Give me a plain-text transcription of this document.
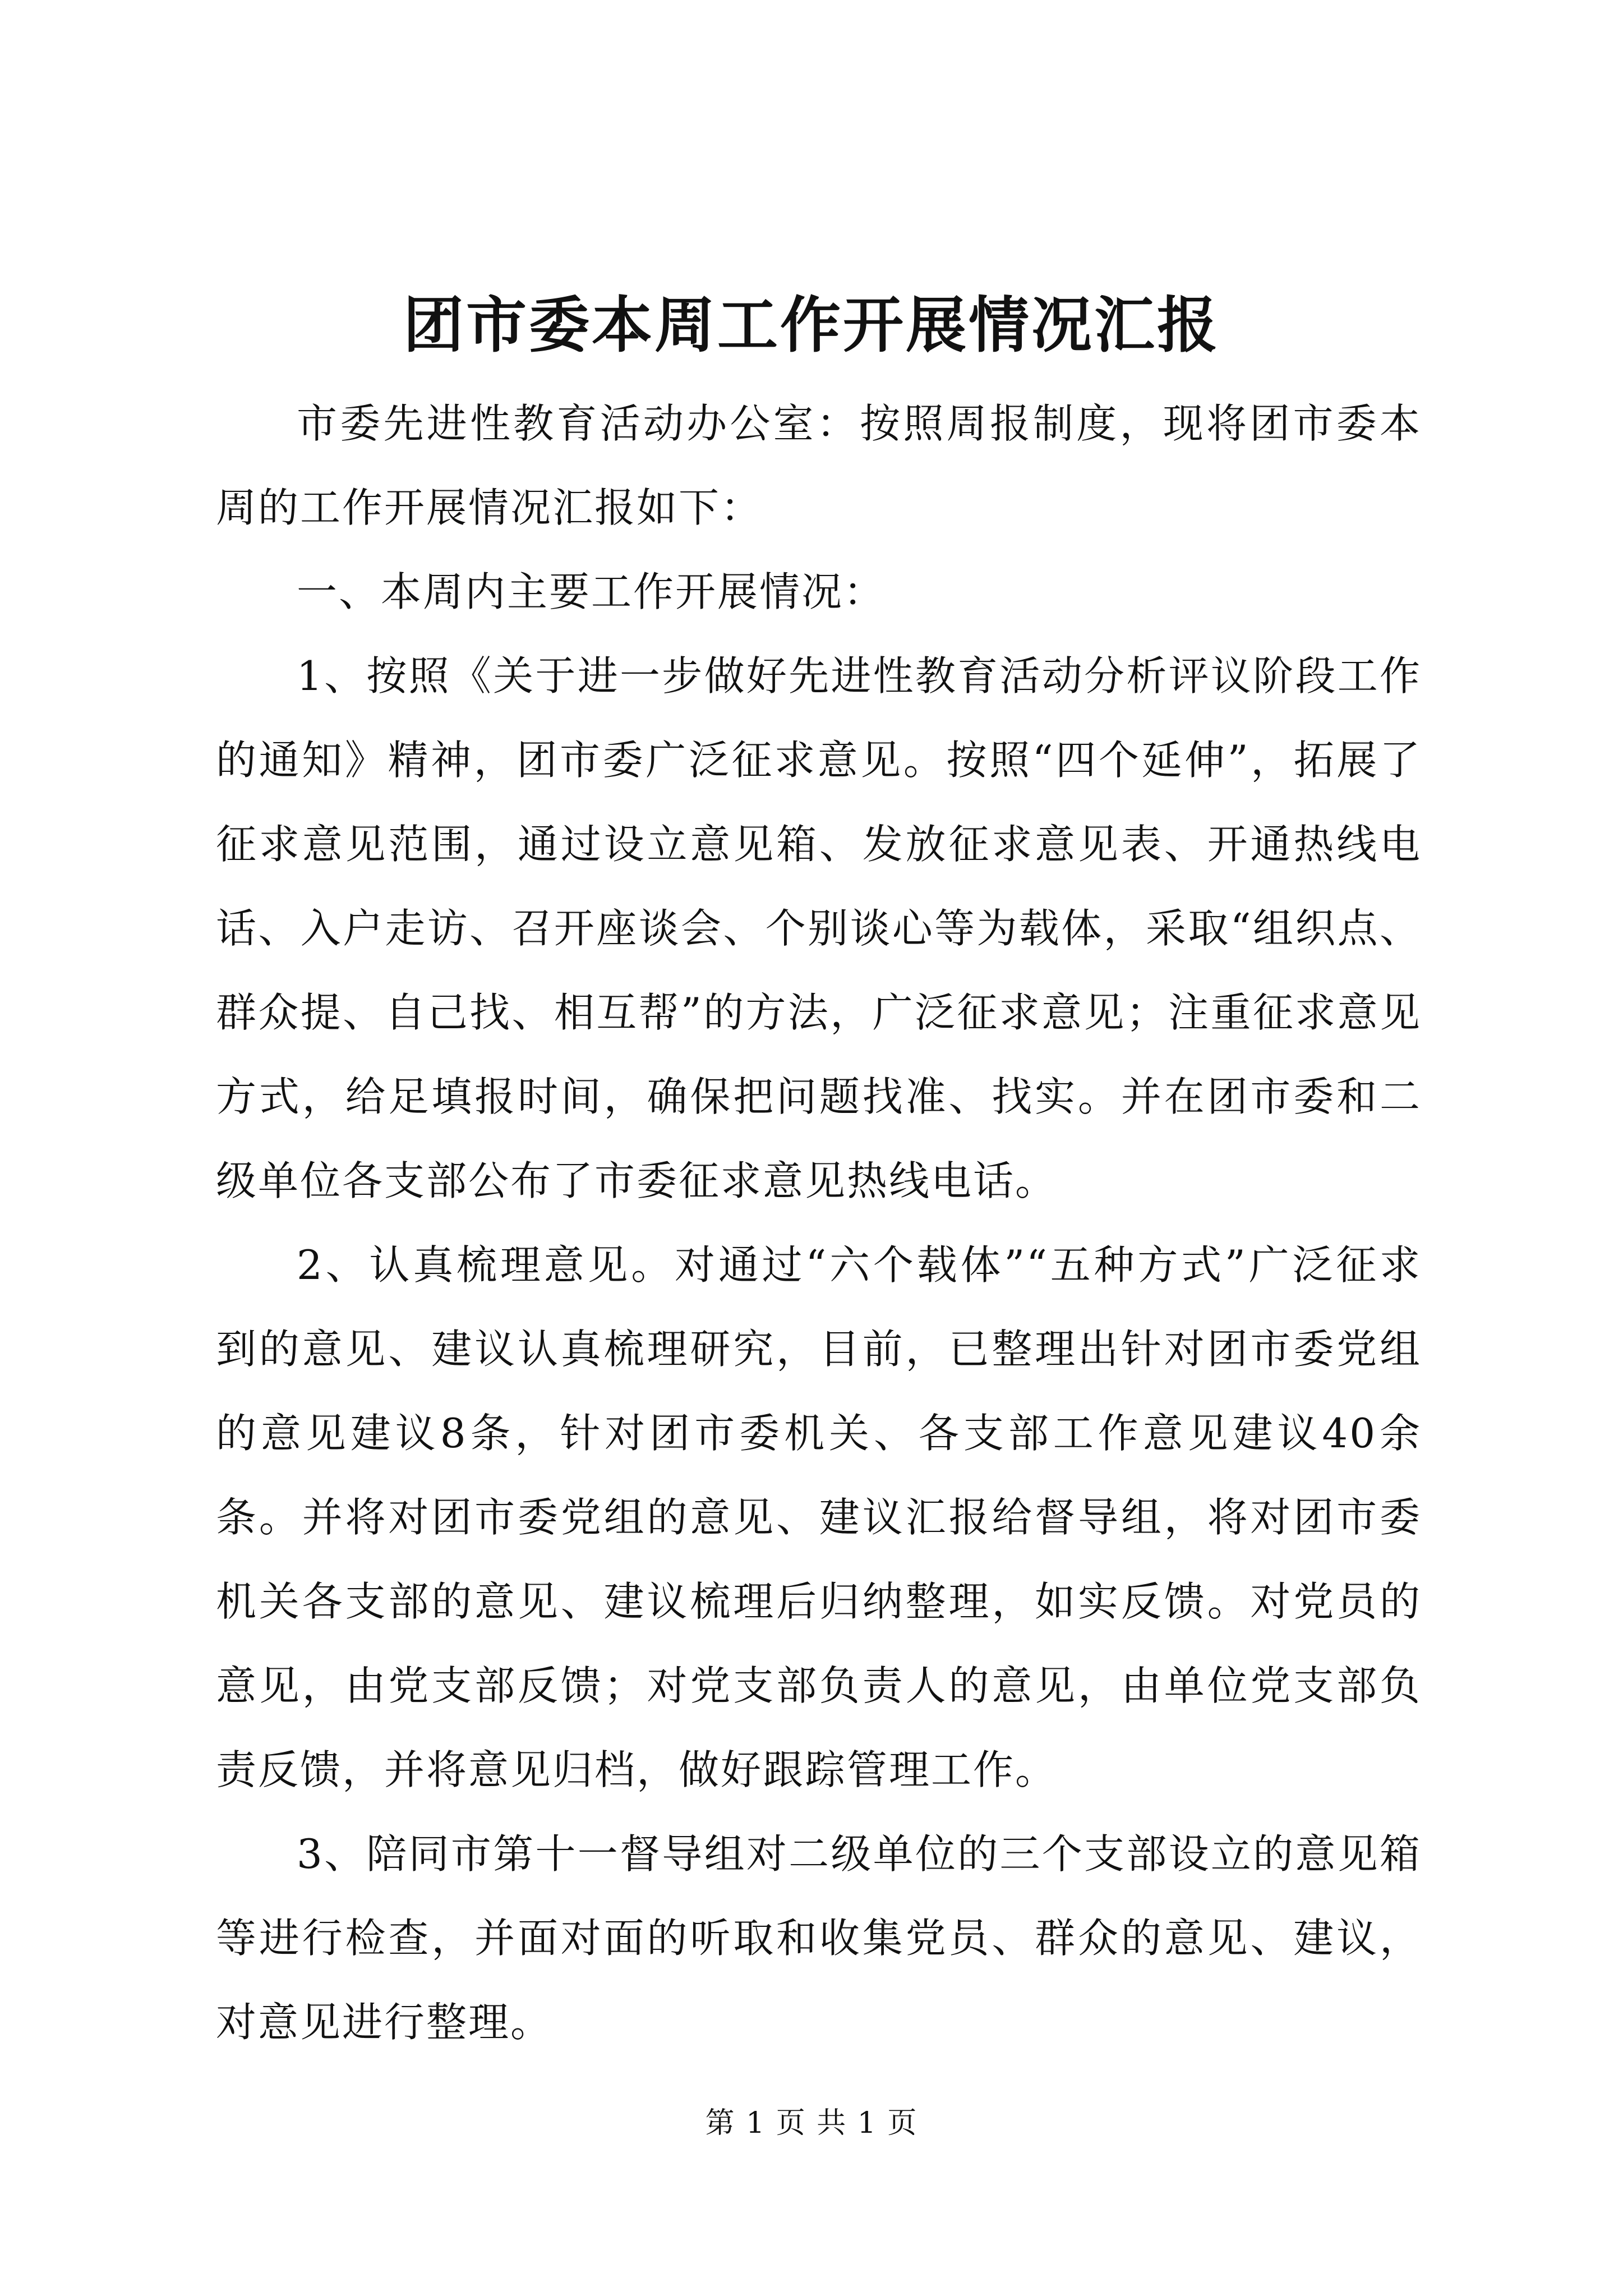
团市委本周工作开展情况汇报

市委先进性教育活动办公室：按照周报制度，现将团市委本周的工作开展情况汇报如下：

一、本周内主要工作开展情况：

1、按照《关于进一步做好先进性教育活动分析评议阶段工作的通知》精神，团市委广泛征求意见。按照“四个延伸”，拓展了征求意见范围，通过设立意见箱、发放征求意见表、开通热线电话、入户走访、召开座谈会、个别谈心等为载体，采取“组织点、群众提、自己找、相互帮”的方法，广泛征求意见；注重征求意见方式，给足填报时间，确保把问题找准、找实。并在团市委和二级单位各支部公布了市委征求意见热线电话。

2、认真梳理意见。对通过“六个载体”“五种方式”广泛征求到的意见、建议认真梳理研究，目前，已整理出针对团市委党组的意见建议8条，针对团市委机关、各支部工作意见建议40余条。并将对团市委党组的意见、建议汇报给督导组，将对团市委机关各支部的意见、建议梳理后归纳整理，如实反馈。对党员的意见，由党支部反馈；对党支部负责人的意见，由单位党支部负责反馈，并将意见归档，做好跟踪管理工作。

3、陪同市第十一督导组对二级单位的三个支部设立的意见箱等进行检查，并面对面的听取和收集党员、群众的意见、建议，对意见进行整理。

第 1 页 共 1 页
